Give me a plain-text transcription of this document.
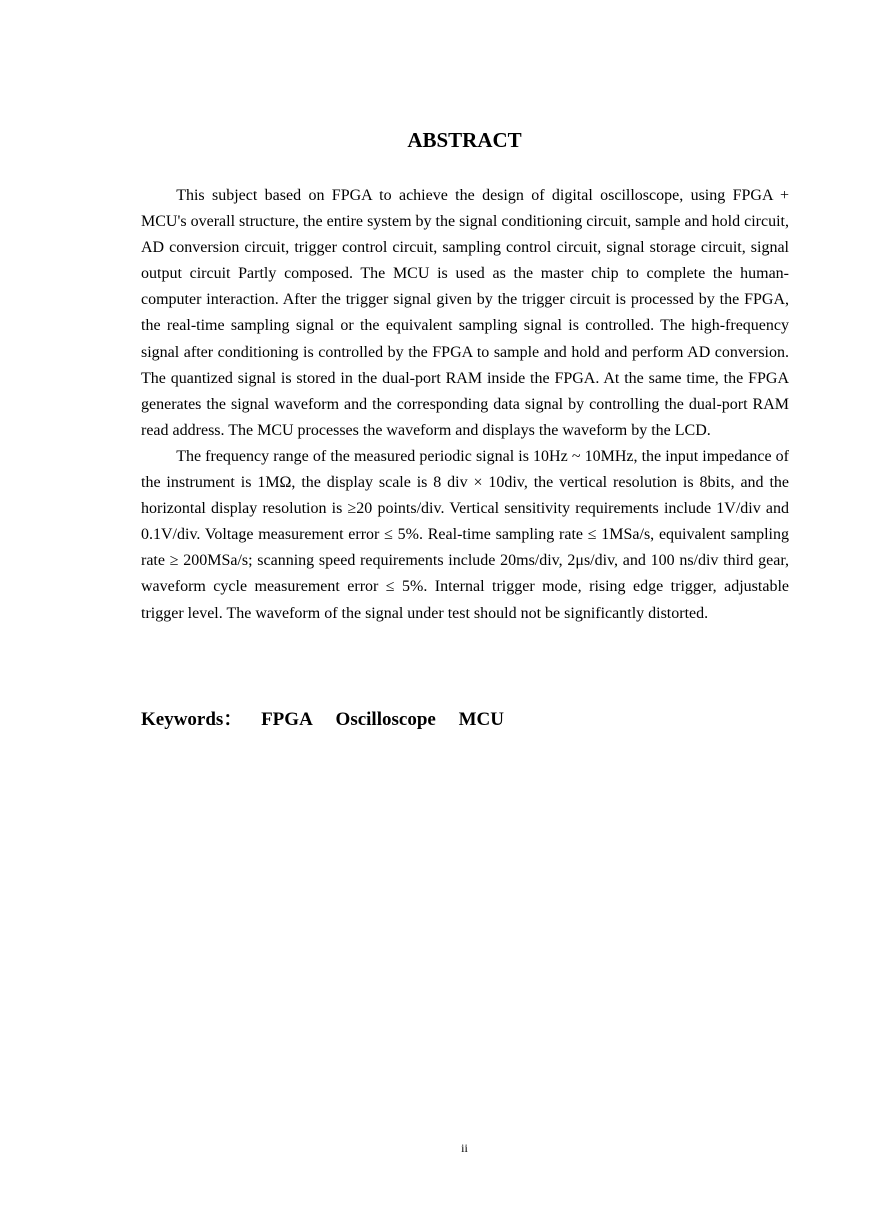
ABSTRACT

This subject based on FPGA to achieve the design of digital oscilloscope, using FPGA + MCU's overall structure, the entire system by the signal conditioning circuit, sample and hold circuit, AD conversion circuit, trigger control circuit, sampling control circuit, signal storage circuit, signal output circuit Partly composed. The MCU is used as the master chip to complete the human-computer interaction. After the trigger signal given by the trigger circuit is processed by the FPGA, the real-time sampling signal or the equivalent sampling signal is controlled. The high-frequency signal after conditioning is controlled by the FPGA to sample and hold and perform AD conversion. The quantized signal is stored in the dual-port RAM inside the FPGA. At the same time, the FPGA generates the signal waveform and the corresponding data signal by controlling the dual-port RAM read address. The MCU processes the waveform and displays the waveform by the LCD.

The frequency range of the measured periodic signal is 10Hz ~ 10MHz, the input impedance of the instrument is 1MΩ, the display scale is 8 div × 10div, the vertical resolution is 8bits, and the horizontal display resolution is ≥20 points/div. Vertical sensitivity requirements include 1V/div and 0.1V/div. Voltage measurement error ≤ 5%. Real-time sampling rate ≤ 1MSa/s, equivalent sampling rate ≥ 200MSa/s; scanning speed requirements include 20ms/div, 2μs/div, and 100 ns/div third gear, waveform cycle measurement error ≤ 5%. Internal trigger mode, rising edge trigger, adjustable trigger level. The waveform of the signal under test should not be significantly distorted.

Keywords： FPGA Oscilloscope MCU
ii
